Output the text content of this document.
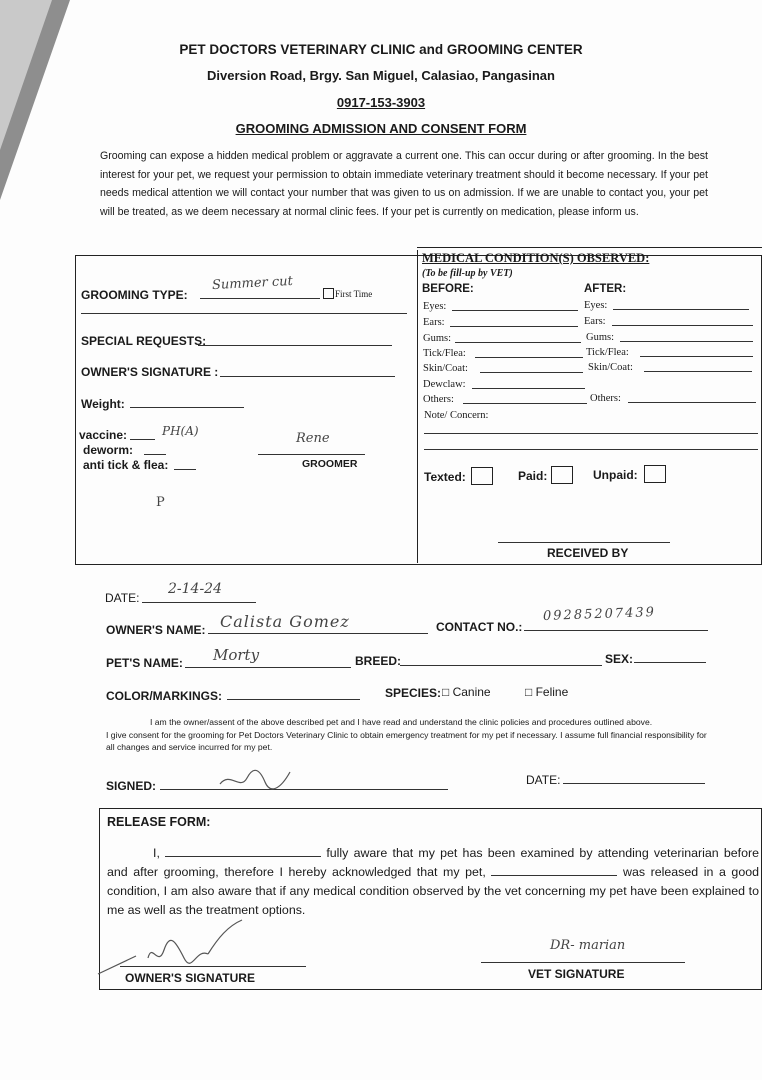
PET DOCTORS VETERINARY CLINIC and GROOMING CENTER
Diversion Road, Brgy. San Miguel, Calasiao, Pangasinan
0917-153-3903
GROOMING ADMISSION AND CONSENT FORM
Grooming can expose a hidden medical problem or aggravate a current one. This can occur during or after grooming. In the best interest for your pet, we request your permission to obtain immediate veterinary treatment should it become necessary. If your pet needs medical attention we will contact your number that was given to us on admission. If we are unable to contact you, your pet will be treated, as we deem necessary at normal clinic fees. If your pet is currently on medication, please inform us.
GROOMING TYPE:
Summer cut
First Time
SPECIAL REQUESTS:
OWNER'S SIGNATURE :
Weight:
vaccine:	PH(A)
deworm:
anti tick & flea:
Rene
GROOMER
P
MEDICAL CONDITION(S) OBSERVED:
(To be fill-up by VET)
BEFORE:	AFTER:
Eyes:
Ears:
Gums:
Tick/Flea:
Skin/Coat:
Dewclaw:
Others:
Eyes:
Ears:
Gums:
Tick/Flea:
Skin/Coat:
Others:
Note/ Concern:
Texted:	Paid:	Unpaid:
RECEIVED BY
DATE:
2-14-24
OWNER'S NAME: Calista Gomez	CONTACT NO.:
09285207439
PET'S NAME: Morty	BREED:	SEX:
COLOR/MARKINGS:	SPECIES: □ Canine	□ Feline
I am the owner/assent of the above described pet and I have read and understand the clinic policies and procedures outlined above.
I give consent for the grooming for Pet Doctors Veterinary Clinic to obtain emergency treatment for my pet if necessary. I assume full financial responsibility for all changes and service incurred for my pet.
SIGNED:	DATE:
RELEASE FORM:
I,	fully aware that my pet has been examined by attending veterinarian before and after grooming, therefore I hereby acknowledged that my pet,	was released in a good condition, I am also aware that if any medical condition observed by the vet concerning my pet have been explained to me as well as the treatment options.
OWNER'S SIGNATURE
DR- marian
VET SIGNATURE
